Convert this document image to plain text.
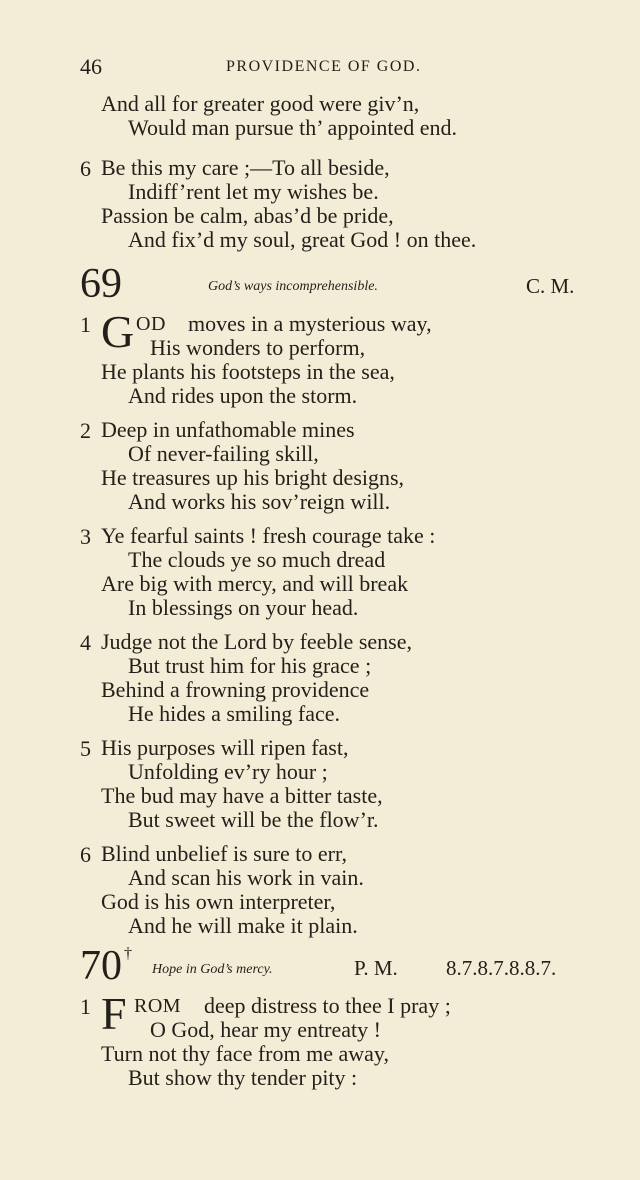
46	PROVIDENCE OF GOD.
And all for greater good were giv’n,
Would man pursue th’ appointed end.
6 Be this my care ;—To all beside,
Indiff’rent let my wishes be.
Passion be calm, abas’d be pride,
And fix’d my soul, great God ! on thee.
69	God’s ways incomprehensible.	C. M.
1 G OD moves in a mysterious way,
His wonders to perform,
He plants his footsteps in the sea,
And rides upon the storm.
2 Deep in unfathomable mines
Of never-failing skill,
He treasures up his bright designs,
And works his sov’reign will.
3 Ye fearful saints ! fresh courage take :
The clouds ye so much dread
Are big with mercy, and will break
In blessings on your head.
4 Judge not the Lord by feeble sense,
But trust him for his grace ;
Behind a frowning providence
He hides a smiling face.
5 His purposes will ripen fast,
Unfolding ev’ry hour ;
The bud may have a bitter taste,
But sweet will be the flow’r.
6 Blind unbelief is sure to err,
And scan his work in vain.
God is his own interpreter,
And he will make it plain.
70 †
Hope in God’s mercy.	P. M. 8.7.8.7.8.8.7.
1 F ROM deep distress to thee I pray ;
O God, hear my entreaty !
Turn not thy face from me away,
But show thy tender pity :
